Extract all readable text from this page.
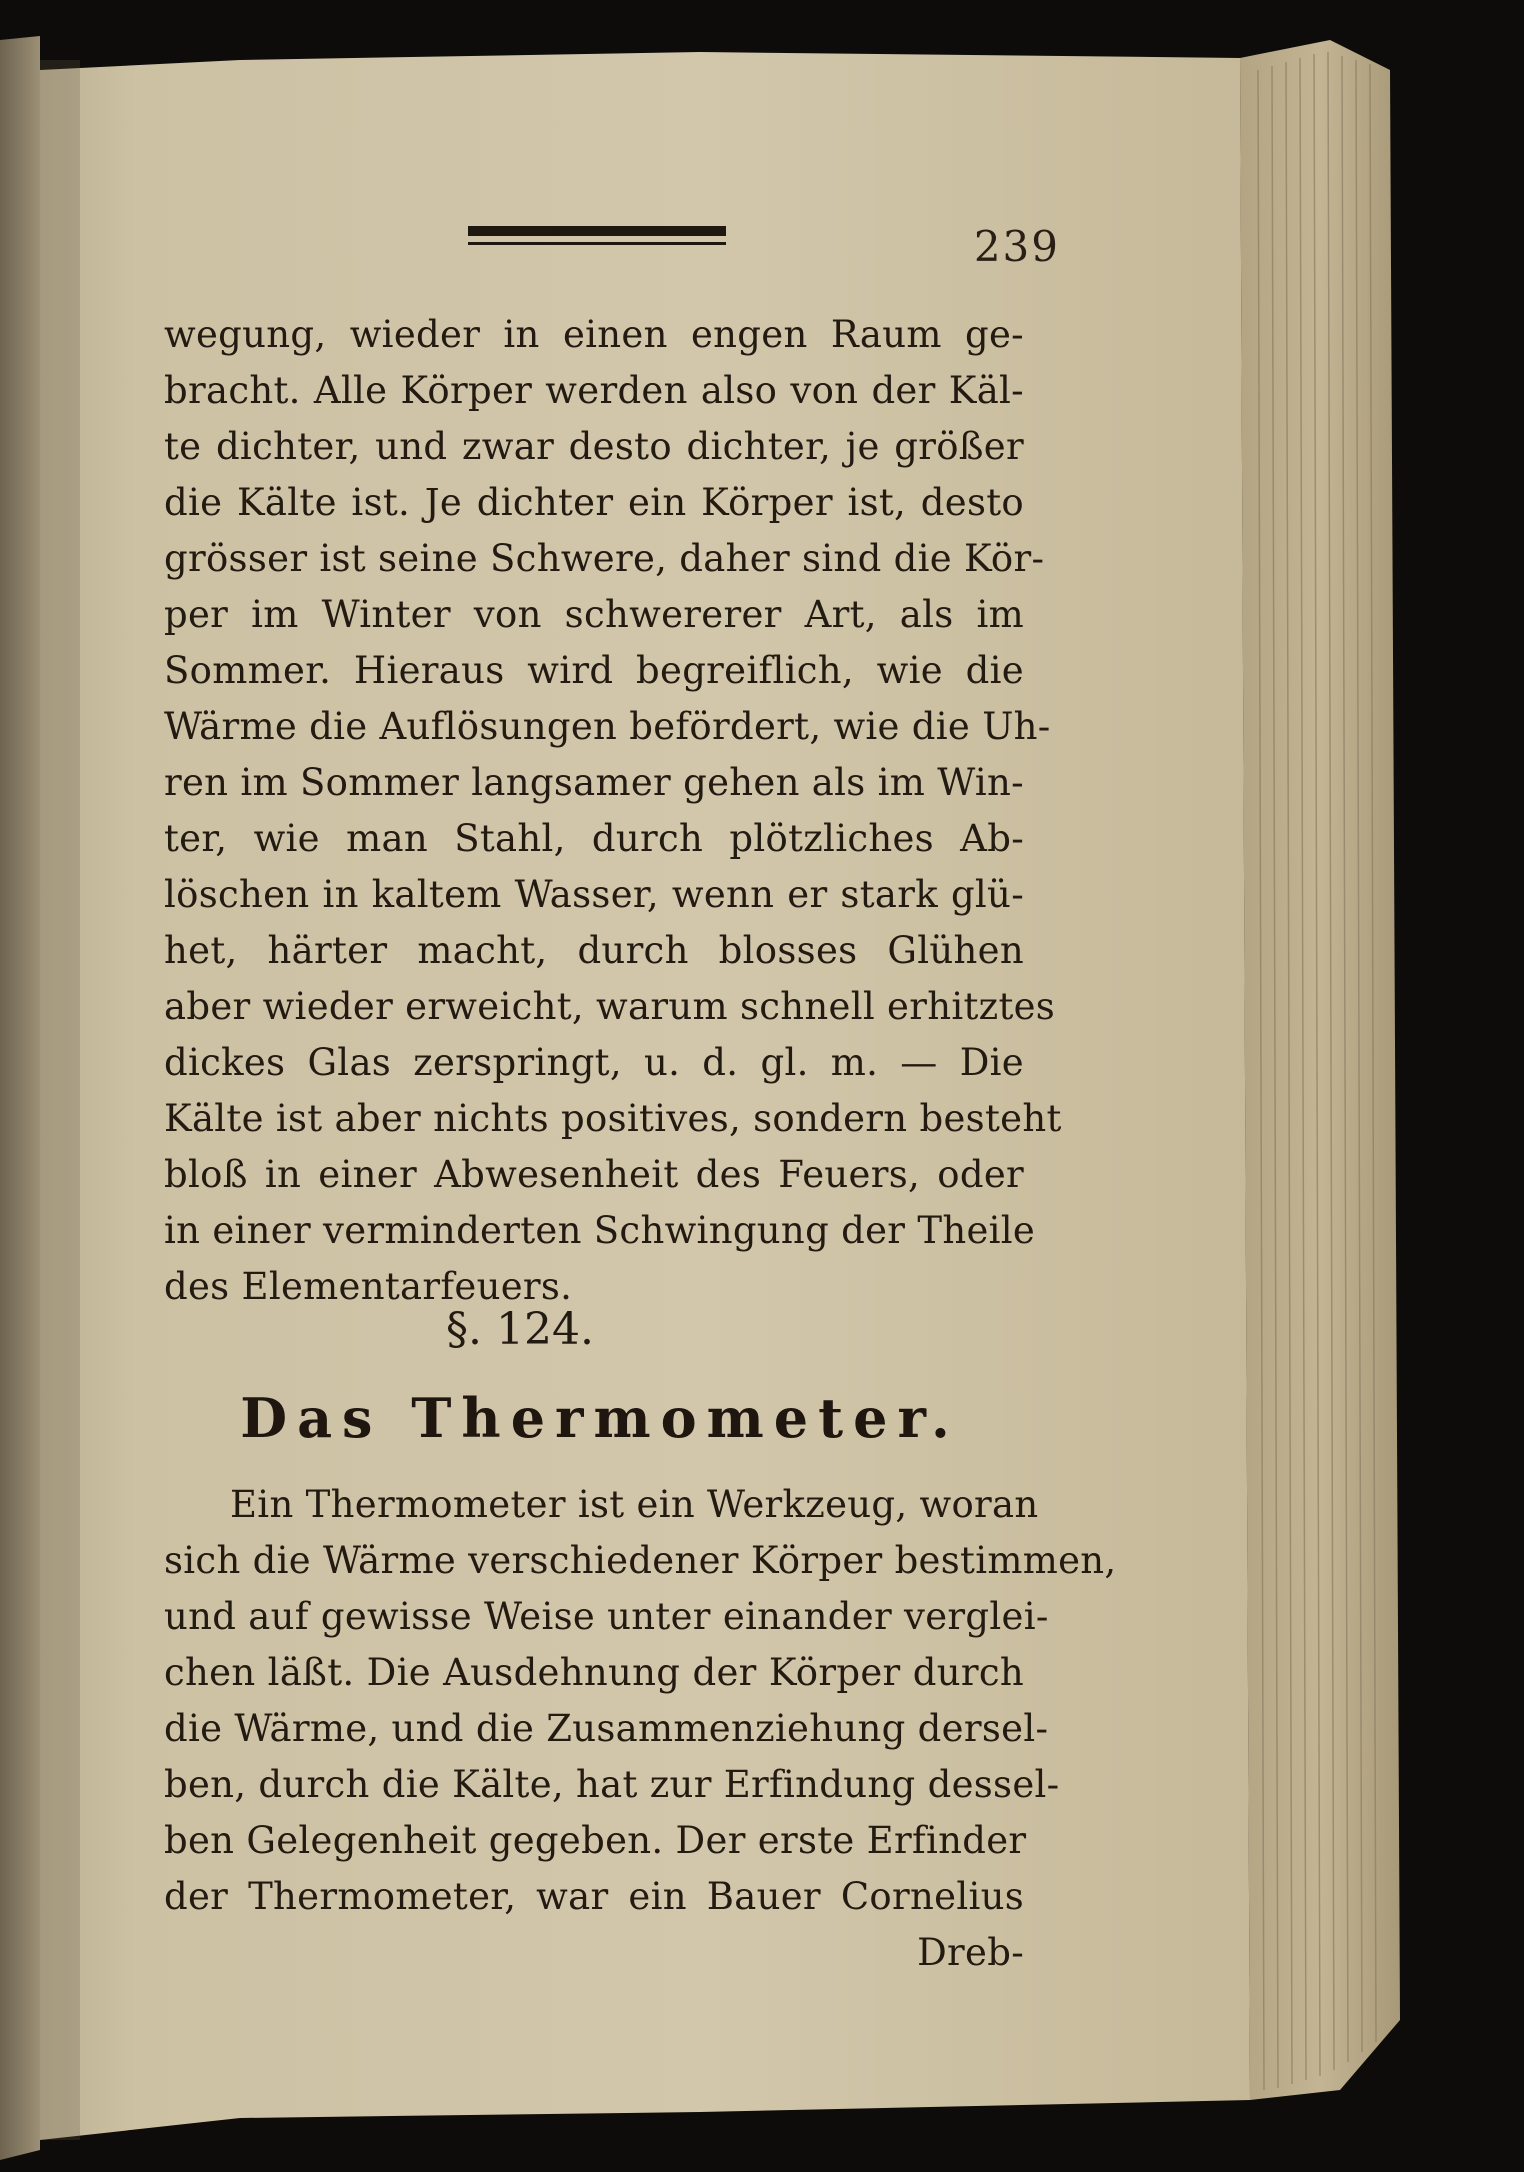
239
wegung, wieder in einen engen Raum ge-
bracht. Alle Körper werden also von der Käl-
te dichter, und zwar desto dichter, je größer
die Kälte ist. Je dichter ein Körper ist, desto
grösser ist seine Schwere, daher sind die Kör-
per im Winter von schwererer Art, als im
Sommer. Hieraus wird begreiflich, wie die
Wärme die Auflösungen befördert, wie die Uh-
ren im Sommer langsamer gehen als im Win-
ter, wie man Stahl, durch plötzliches Ab-
löschen in kaltem Wasser, wenn er stark glü-
het, härter macht, durch blosses Glühen
aber wieder erweicht, warum schnell erhitztes
dickes Glas zerspringt, u. d. gl. m. — Die
Kälte ist aber nichts positives, sondern besteht
bloß in einer Abwesenheit des Feuers, oder
in einer verminderten Schwingung der Theile
des Elementarfeuers.
§. 124.
Das Thermometer.
Ein Thermometer ist ein Werkzeug, woran
sich die Wärme verschiedener Körper bestimmen,
und auf gewisse Weise unter einander verglei-
chen läßt. Die Ausdehnung der Körper durch
die Wärme, und die Zusammenziehung dersel-
ben, durch die Kälte, hat zur Erfindung dessel-
ben Gelegenheit gegeben. Der erste Erfinder
der Thermometer, war ein Bauer Cornelius
Dreb-
